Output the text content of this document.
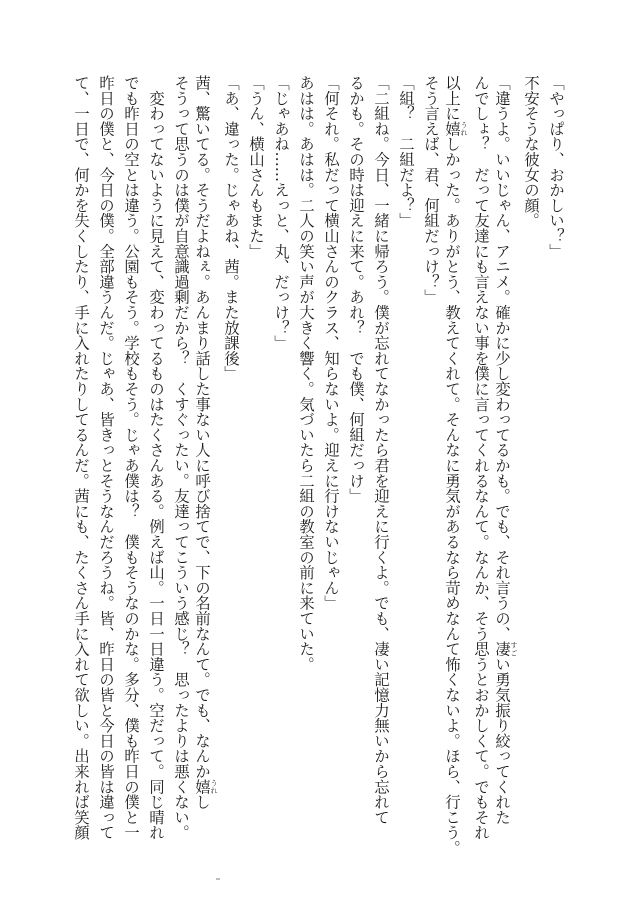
「やっぱり、おかしい？」
不安そうな彼女の顔。
「違うよ。いいじゃん、アニメ。確かに少し変わってるかも。でも、それ言うの、凄 すごい勇気振り絞ってくれた
んでしょ？　だって友達にも言えない事を僕に言ってくれるなんて。なんか、そう思うとおかしくて。でもそれ
以上に嬉 うれしかった。ありがとう、教えてくれて。そんなに勇気があるなら苛めなんて怖くないよ。ほら、行こう。
そう言えば、君、何組だっけ？」
「組？　二組だよ？」
「二組ね。今日、一緒に帰ろう。僕が忘れてなかったら君を迎えに行くよ。でも、凄い記憶力無いから忘れて
るかも。その時は迎えに来て。あれ？　でも僕、何組だっけ」
「何それ。私だって横山さんのクラス、知らないよ。迎えに行けないじゃん」
あはは。あはは。二人の笑い声が大きく響く。気づいたら二組の教室の前に来ていた。
「じゃあね……えっと、丸、だっけ？」
「うん、横山さんもまた」
「あ、違った。じゃあね、茜。また放課後」
茜、驚いてる。そうだよねぇ。あんまり話した事ない人に呼び捨てで、下の名前なんて。でも、なんか嬉 うれし
そうって思うのは僕が自意識過剰だから？　くすぐったい。友達ってこういう感じ？　思ったよりは悪くない。
　変わってないように見えて、変わってるものはたくさんある。例えば山。一日一日違う。空だって。同じ晴れ
でも昨日の空とは違う。公園もそう。学校もそう。じゃあ僕は？　僕もそうなのかな。多分、僕も昨日の僕と一
昨日の僕と、今日の僕。全部違うんだ。じゃあ、皆きっとそうなんだろうね。皆、昨日の皆と今日の皆は違って
て、一日で、何かを失くしたり、手に入れたりしてるんだ。茜にも、たくさん手に入れて欲しい。出来れば笑顔
